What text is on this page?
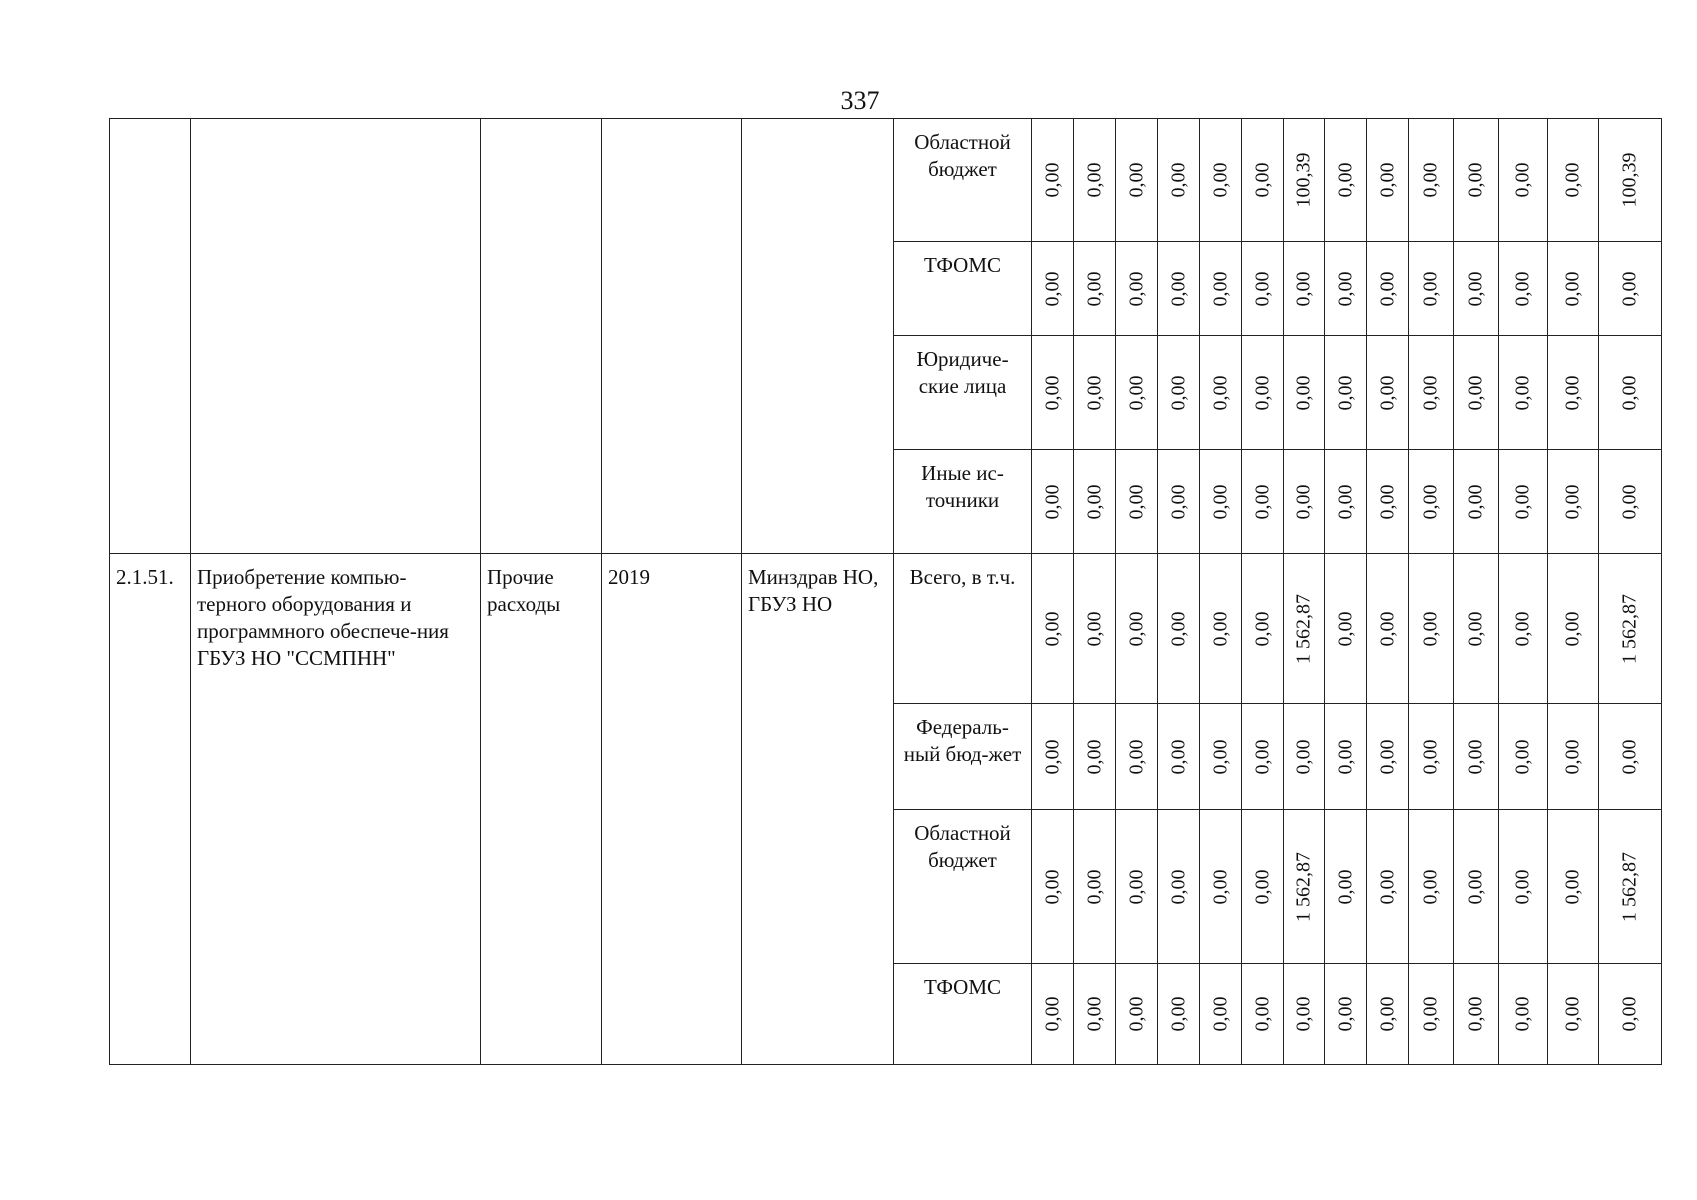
337
					Областной бюджет	0,00	0,00	0,00	0,00	0,00	0,00	100,39	0,00	0,00	0,00	0,00	0,00	0,00	100,39

					ТФОМС	0,00	0,00	0,00	0,00	0,00	0,00	0,00	0,00	0,00	0,00	0,00	0,00	0,00	0,00

					Юридиче-ские лица	0,00	0,00	0,00	0,00	0,00	0,00	0,00	0,00	0,00	0,00	0,00	0,00	0,00	0,00

					Иные ис-точники	0,00	0,00	0,00	0,00	0,00	0,00	0,00	0,00	0,00	0,00	0,00	0,00	0,00	0,00

2.1.51.	Приобретение компью-терного оборудования и программного обеспече-ния ГБУЗ НО "ССМПНН"	Прочие расходы	2019	Минздрав НО, ГБУЗ НО	Всего, в т.ч.	0,00	0,00	0,00	0,00	0,00	0,00	1 562,87	0,00	0,00	0,00	0,00	0,00	0,00	1 562,87

					Федераль-ный бюд-жет	0,00	0,00	0,00	0,00	0,00	0,00	0,00	0,00	0,00	0,00	0,00	0,00	0,00	0,00

					Областной бюджет	0,00	0,00	0,00	0,00	0,00	0,00	1 562,87	0,00	0,00	0,00	0,00	0,00	0,00	1 562,87

					ТФОМС	0,00	0,00	0,00	0,00	0,00	0,00	0,00	0,00	0,00	0,00	0,00	0,00	0,00	0,00
